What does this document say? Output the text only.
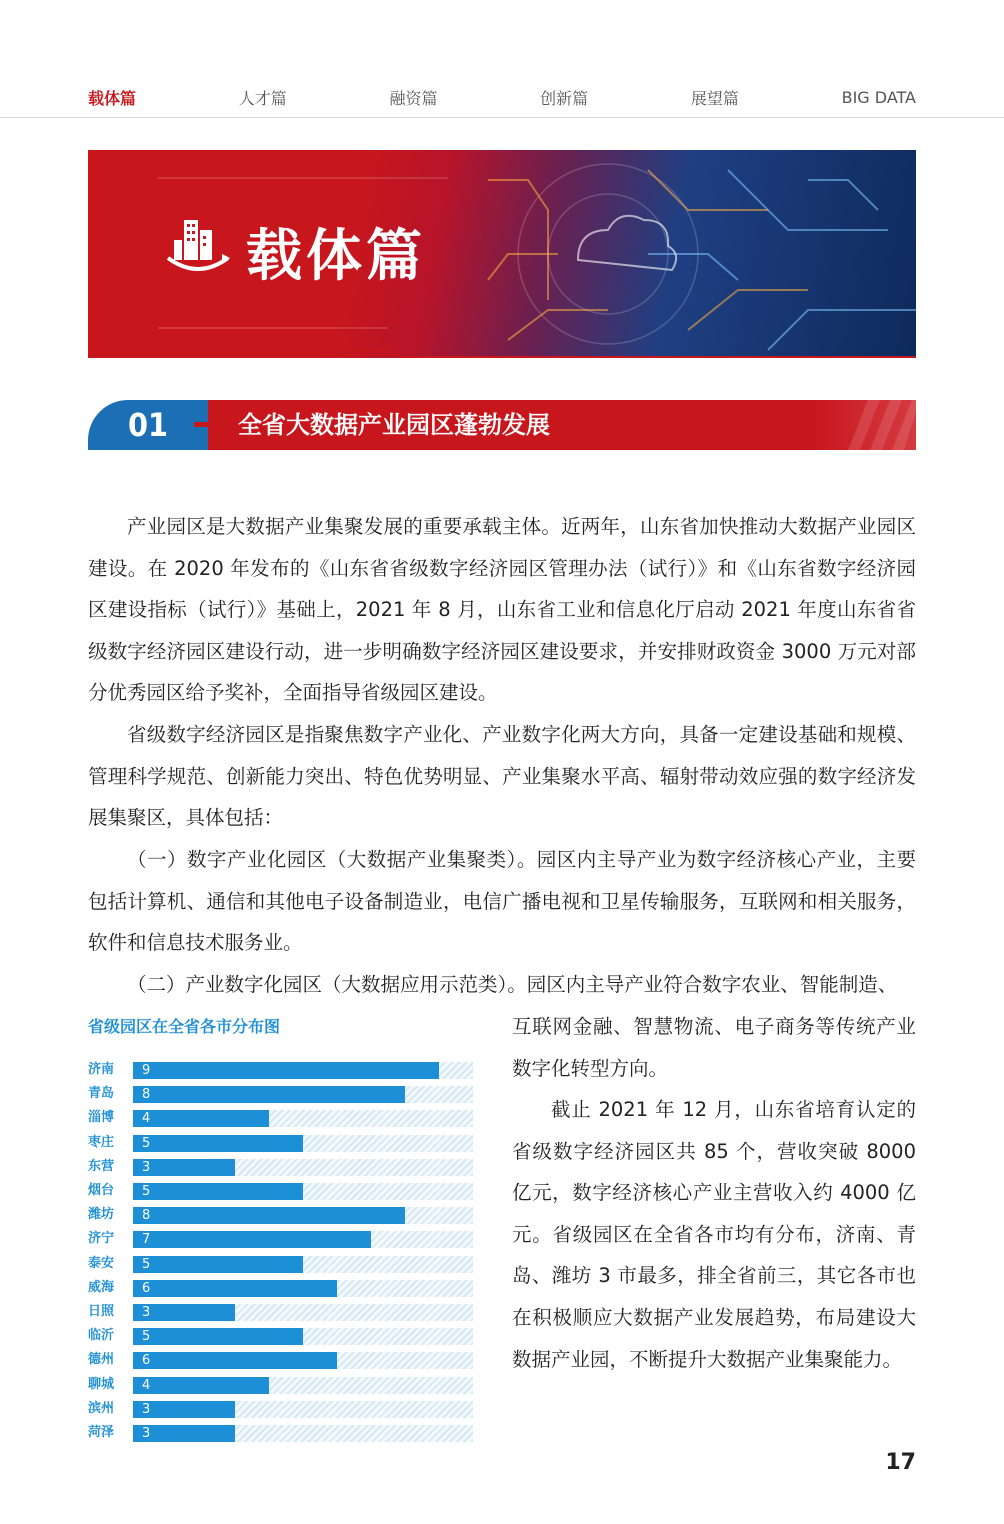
载体篇	人才篇	融资篇	创新篇	展望篇	BIG DATA
载体篇
01	全省大数据产业园区蓬勃发展

产业园区是大数据产业集聚发展的重要承载主体。近两年，山东省加快推动大数据产业园区建设。在 2020 年发布的《山东省省级数字经济园区管理办法（试行）》和《山东省数字经济园区建设指标（试行）》基础上，2021 年 8 月，山东省工业和信息化厅启动 2021 年度山东省省级数字经济园区建设行动，进一步明确数字经济园区建设要求，并安排财政资金 3000 万元对部分优秀园区给予奖补，全面指导省级园区建设。

省级数字经济园区是指聚焦数字产业化、产业数字化两大方向，具备一定建设基础和规模、管理科学规范、创新能力突出、特色优势明显、产业集聚水平高、辐射带动效应强的数字经济发展集聚区，具体包括：

（一）数字产业化园区（大数据产业集聚类）。园区内主导产业为数字经济核心产业，主要包括计算机、通信和其他电子设备制造业，电信广播电视和卫星传输服务，互联网和相关服务，软件和信息技术服务业。

（二）产业数字化园区（大数据应用示范类）。园区内主导产业符合数字农业、智能制造、

互联网金融、智慧物流、电子商务等传统产业数字化转型方向。

截止 2021 年 12 月，山东省培育认定的省级数字经济园区共 85 个，营收突破 8000 亿元，数字经济核心产业主营收入约 4000 亿元。省级园区在全省各市均有分布，济南、青岛、潍坊 3 市最多，排全省前三，其它各市也在积极顺应大数据产业发展趋势，布局建设大数据产业园，不断提升大数据产业集聚能力。

省级园区在全省各市分布图
济南 9
青岛 8
淄博 4
枣庄 5
东营 3
烟台 5
潍坊 8
济宁 7
泰安 5
威海 6
日照 3
临沂 5
德州 6
聊城 4
滨州 3
菏泽 3
17
